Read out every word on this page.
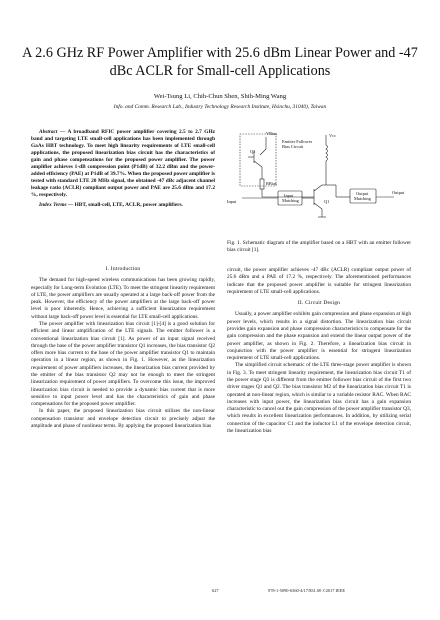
· · ·
A 2.6 GHz RF Power Amplifier with 25.6 dBm Linear Power and -47
dBc ACLR for Small-cell Applications
Wei-Tsung Li, Chih-Chun Shen, Shih-Ming Wang
Info. and Comm. Research Lab., Industry Technology Research Institute, Hsinchu, 31040), Taiwan

Abstract — A broadband RFIC power amplifier covering 2.5 to 2.7 GHz band and targeting LTE small-cell applications has been implemented through GaAs HBT technology. To meet high linearity requirements of LTE small-cell applications, the proposed linearization bias circuit has the characteristics of gain and phase compensations for the proposed power amplifier. The power amplifier achieves 1-dB compression point (P1dB) of 32.2 dBm and the power-added efficiency (PAE) at P1dB of 39.7%. When the proposed power amplifier is tested with standard LTE 20 MHz signal, the obtained -47 dBc adjacent channel leakage ratio (ACLR) compliant output power and PAE are 25.6 dBm and 17.2 %, respectively.

Index Terms — HBT, small-cell, LTE, ACLR, power amplifiers.

I. Introduction

The demand for high-speed wireless communications has been growing rapidly, especially for Long-term Evolution (LTE). To meet the stringent linearity requirement of LTE, the power amplifiers are usually operated at a large back-off power from the peak. However, the efficiency of the power amplifiers at the large back-off power level is poor inherently. Hence, achieving a sufficient linearization requirement without large back-off power level is essential for LTE small-cell applications.

The power amplifier with linearization bias circuit [1]-[4] is a good solution for efficient and linear amplification of the LTE signals. The emitter follower is a conventional linearization bias circuit [1]. As power of an input signal received through the base of the power amplifier transistor Q1 increases, the bias transistor Q2 offers more bias current to the base of the power amplifier transistor Q1 to maintain operation in a linear region, as shown in Fig. 1. However, as the linearization requirement of power amplifiers increases, the linearization bias current provided by the emitter of the bias transistor Q2 may not be enough to meet the stringent linearization requirement of power amplifiers. To overcome this issue, the improved linearization bias circuit is needed to provide a dynamic bias current that is more sensitive to input power level and has the characteristics of gain and phase compensations for the proposed power amplifier.

In this paper, the proposed linearization bias circuit utilizes the non-linear compensation transistor and envelope detection circuit to precisely adjust the amplitude and phase of nonlinear terms. By applying the proposed linearization bias

VBias
Q2
RBias
Emitter Follower
Bias Circuit
Vcc
Q1
Input
Input
Matching
Output
Matching
Output
Fig. 1. Schematic diagram of the amplifier based on a HBT with an emitter follower bias circuit [1].

circuit, the power amplifier achieves -47 dBc (ACLR) compliant output power of 25.6 dBm and a PAE of 17.2 %, respectively. The aforementioned performances indicate that the proposed power amplifier is suitable for stringent linearization requirement of LTE small-cell applications.

II. Circuit Design

Usually, a power amplifier exhibits gain compression and phase expansion at high power levels, which results in a signal distortion. The linearization bias circuit provides gain expansion and phase compression characteristics to compensate for the gain compression and the phase expansion and extend the linear output power of the power amplifier, as shown in Fig. 2. Therefore, a linearization bias circuit in conjunction with the power amplifier is essential for stringent linearization requirement of LTE small-cell applications.

The simplified circuit schematic of the LTE three-stage power amplifier is shown in Fig. 3. To meet stringent linearity requirement, the linearization bias circuit T1 of the power stage Q3 is different from the emitter follower bias circuit of the first two driver stages Q1 and Q2. The bias transistor M2 of the linearization bias circuit T1 is operated at non-linear region, which is similar to a variable resistor RAC. When RAC increases with input power, the linearization bias circuit has a gain expansion characteristic to cancel out the gain compression of the power amplifier transistor Q3, which results in excellent linearization performances. In addition, by utilizing serial connection of the capacitor C1 and the inductor L1 of the envelope detection circuit, the linearization bias

627	978-1-5090-6360-4/17/$31.00 ©2017 IEEE
